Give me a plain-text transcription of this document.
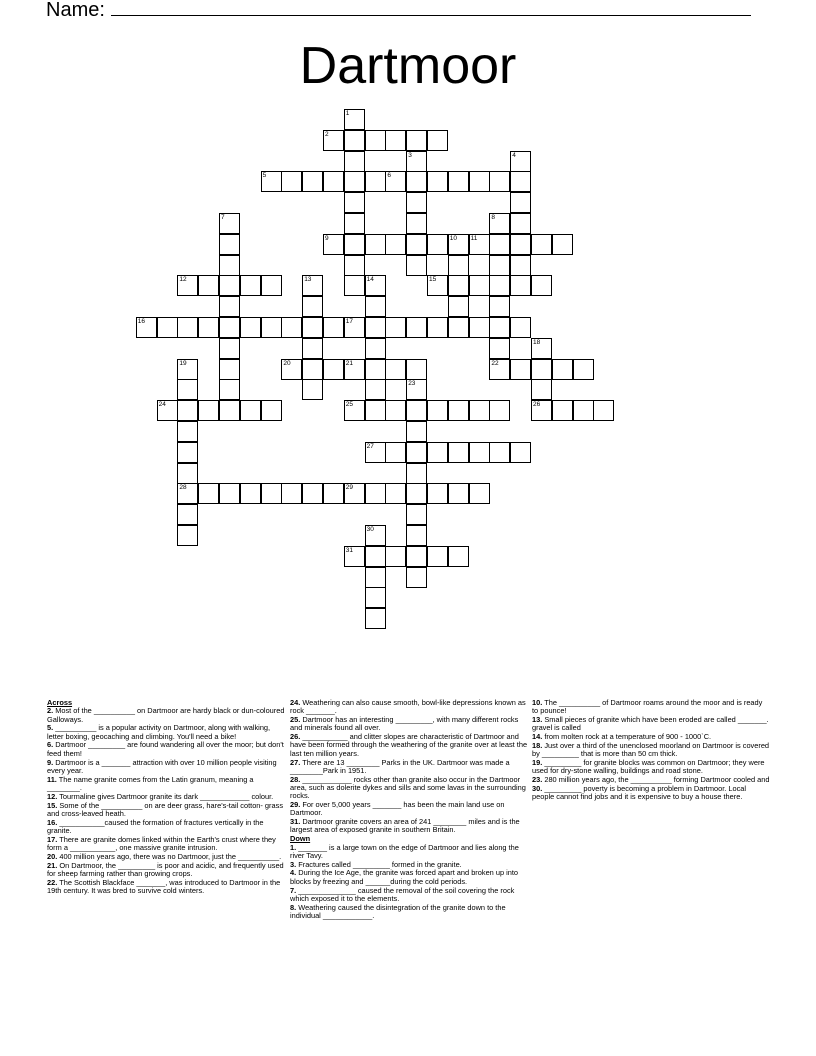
Name:
Dartmoor
1
2
3	4
5	6
7	8
9	10 11
12	13	14	15
16	17
18
19
28
20	21	22
23
24	25	26
27
29
30
31
Across
2. Most of the __________ on Dartmoor are hardy black or dun-coloured Galloways.
5. __________ is a popular activity on Dartmoor, along with walking, letter boxing, geocaching and climbing. You'll need a bike!
6. Dartmoor _________ are found wandering all over the moor; but don't feed them!
9. Dartmoor is a _______ attraction with over 10 million people visiting every year.
11. The name granite comes from the Latin granum, meaning a ________.
12. Tourmaline gives Dartmoor granite its dark ____________ colour.
15. Some of the __________ on are deer grass, hare's-tail cotton- grass and cross-leaved heath.
16. ___________caused the formation of fractures vertically in the granite.
17. There are granite domes linked within the Earth's crust where they form a ___________, one massive granite intrusion.
20. 400 million years ago, there was no Dartmoor, just the __________.
21. On Dartmoor, the _________ is poor and acidic, and frequently used for sheep farming rather than growing crops.
22. The Scottish Blackface _______, was introduced to Dartmoor in the 19th century. It was bred to survive cold winters.
24. Weathering can also cause smooth, bowl-like depressions known as rock _______.
25. Dartmoor has an interesting _________, with many different rocks and minerals found all over.
26. ___________ and clitter slopes are characteristic of Dartmoor and have been formed through the weathering of the granite over at least the last ten million years.
27. There are 13 ________ Parks in the UK. Dartmoor was made a ________Park in 1951.
28. ____________ rocks other than granite also occur in the Dartmoor area, such as dolerite dykes and sills and some lavas in the surrounding rocks.
29. For over 5,000 years _______ has been the main land use on Dartmoor.
31. Dartmoor granite covers an area of 241 ________ miles and is the largest area of exposed granite in southern Britain.
Down
1. _______ is a large town on the edge of Dartmoor and lies along the river Tavy.
3. Fractures called _________ formed in the granite.
4. During the Ice Age, the granite was forced apart and broken up into blocks by freezing and ______during the cold periods.
7. ______________ caused the removal of the soil covering the rock which exposed it to the elements.
8. Weathering caused the disintegration of the granite down to the individual ____________.
10. The __________ of Dartmoor roams around the moor and is ready to pounce!
13. Small pieces of granite which have been eroded are called _______. gravel is called
14. from molten rock at a temperature of 900 - 1000`C.
18. Just over a third of the unenclosed moorland on Dartmoor is covered by _________ that is more than 50 cm thick.
19. _________ for granite blocks was common on Dartmoor; they were used for dry-stone walling, buildings and road stone.
23. 280 million years ago, the __________ forming Dartmoor cooled and
30. _________ poverty is becoming a problem in Dartmoor. Local people cannot find jobs and it is expensive to buy a house there.
